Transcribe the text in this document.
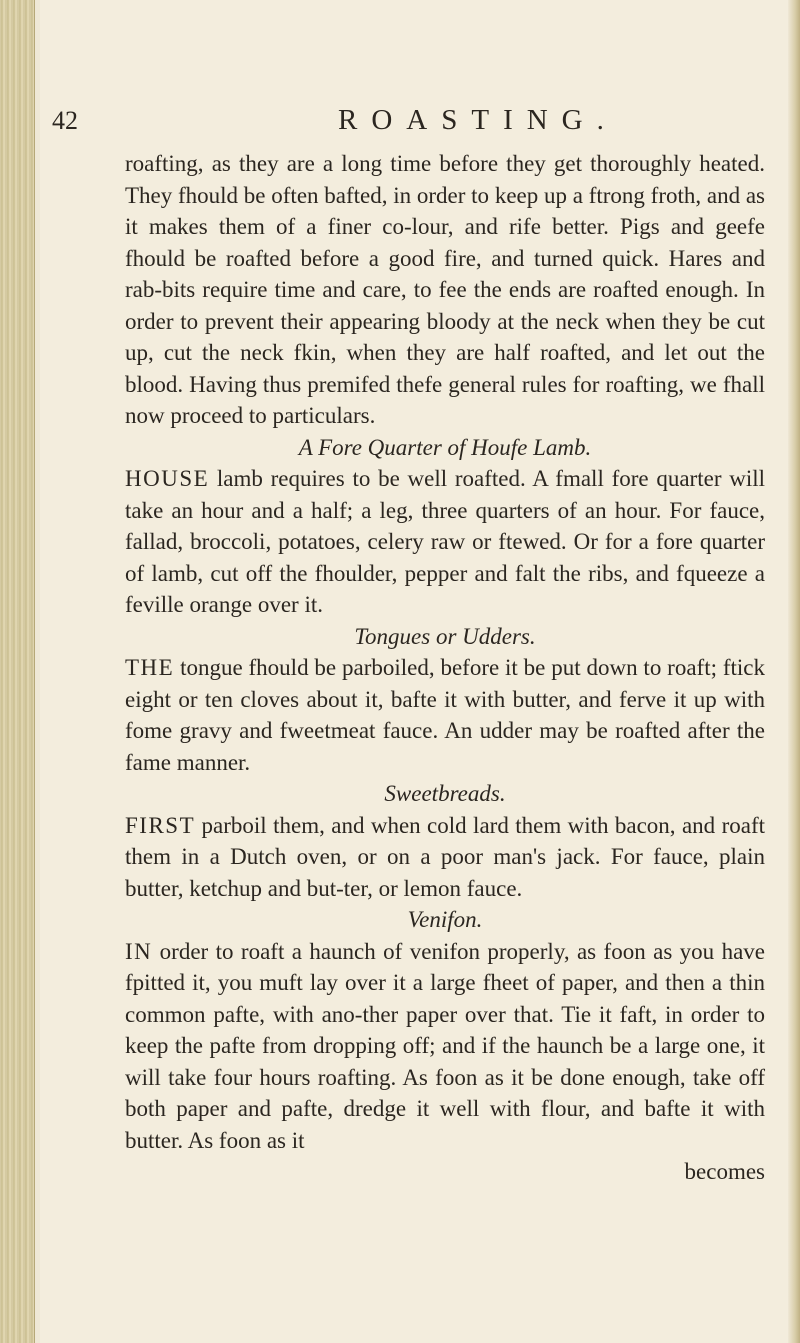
42	ROASTING.

roafting, as they are a long time before they get thoroughly heated. They fhould be often bafted, in order to keep up a ftrong froth, and as it makes them of a finer co-lour, and rife better. Pigs and geefe fhould be roafted before a good fire, and turned quick. Hares and rab-bits require time and care, to fee the ends are roafted enough. In order to prevent their appearing bloody at the neck when they be cut up, cut the neck fkin, when they are half roafted, and let out the blood. Having thus premifed thefe general rules for roafting, we fhall now proceed to particulars.

A Fore Quarter of Houfe Lamb.

HOUSE lamb requires to be well roafted. A fmall fore quarter will take an hour and a half; a leg, three quarters of an hour. For fauce, fallad, broccoli, potatoes, celery raw or ftewed. Or for a fore quarter of lamb, cut off the fhoulder, pepper and falt the ribs, and fqueeze a feville orange over it.

Tongues or Udders.

THE tongue fhould be parboiled, before it be put down to roaft; ftick eight or ten cloves about it, bafte it with butter, and ferve it up with fome gravy and fweetmeat fauce. An udder may be roafted after the fame manner.

Sweetbreads.

FIRST parboil them, and when cold lard them with bacon, and roaft them in a Dutch oven, or on a poor man's jack. For fauce, plain butter, ketchup and but-ter, or lemon fauce.

Venifon.

IN order to roaft a haunch of venifon properly, as foon as you have fpitted it, you muft lay over it a large fheet of paper, and then a thin common pafte, with ano-ther paper over that. Tie it faft, in order to keep the pafte from dropping off; and if the haunch be a large one, it will take four hours roafting. As foon as it be done enough, take off both paper and pafte, dredge it well with flour, and bafte it with butter. As foon as it

becomes
